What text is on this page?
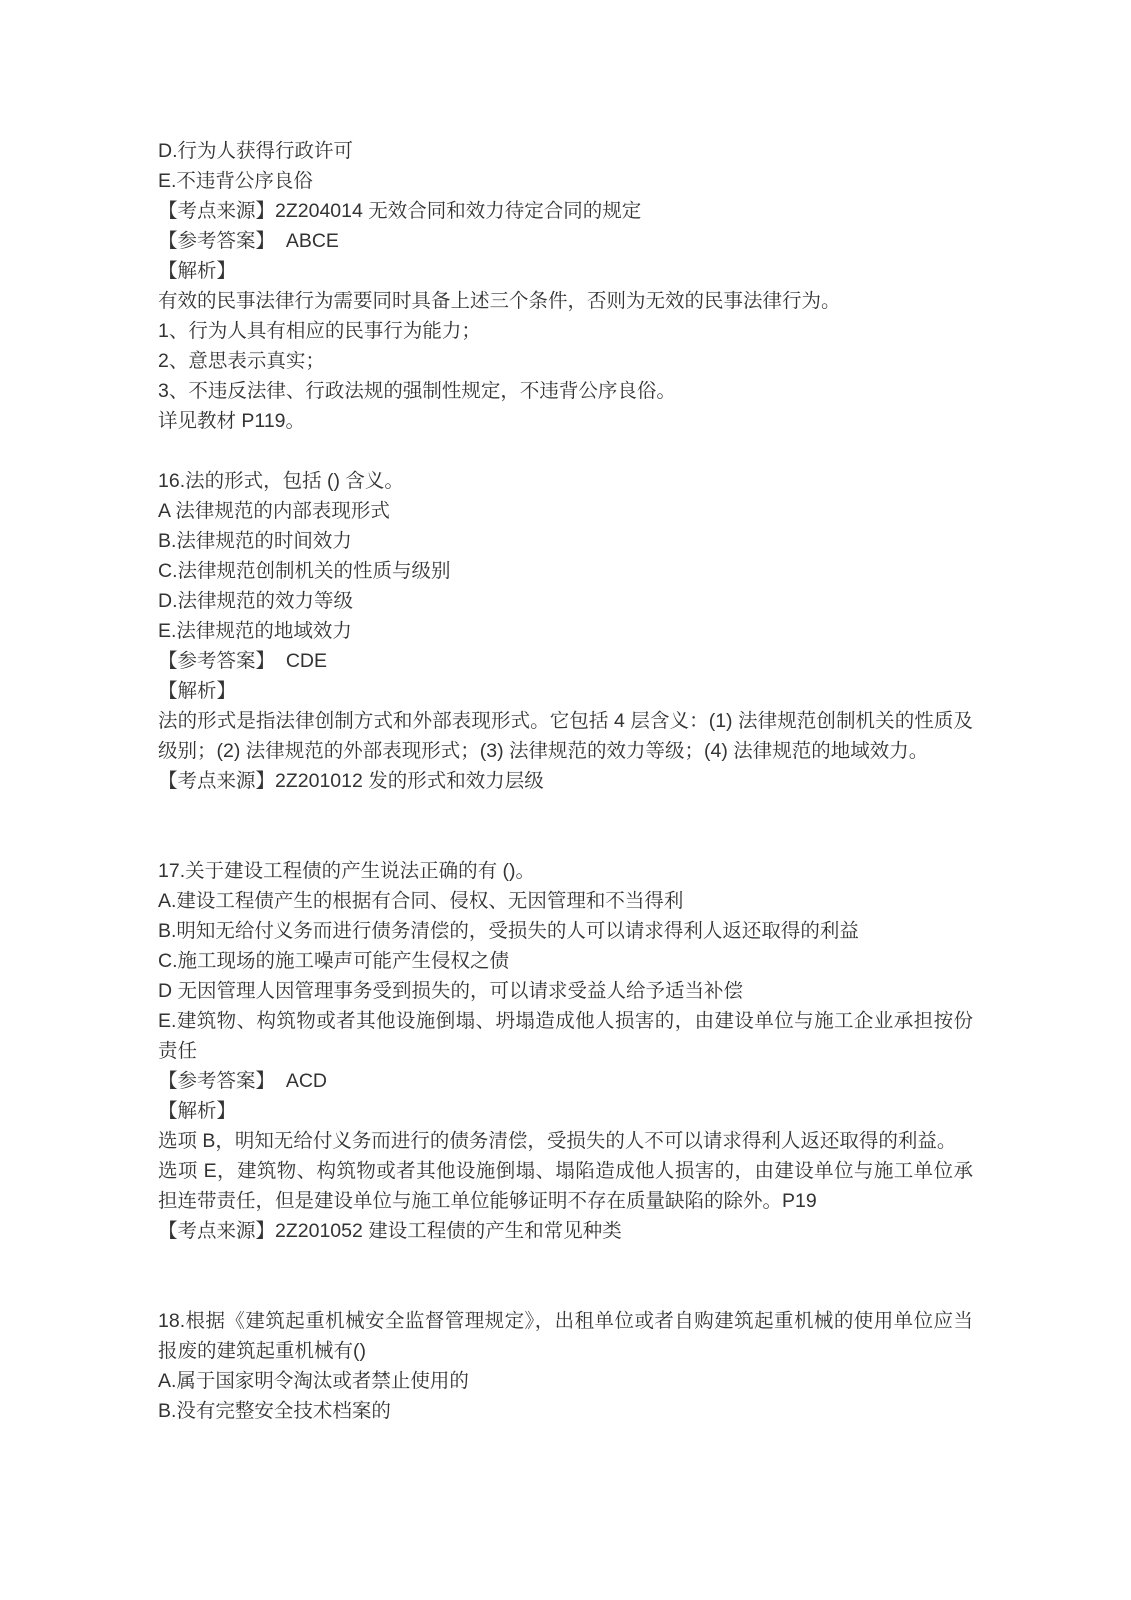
D.行为人获得行政许可

E.不违背公序良俗

【考点来源】2Z204014 无效合同和效力待定合同的规定

【参考答案】  ABCE

【解析】

有效的民事法律行为需要同时具备上述三个条件，否则为无效的民事法律行为。

1、行为人具有相应的民事行为能力；

2、意思表示真实；

3、不违反法律、行政法规的强制性规定，不违背公序良俗。

详见教材 P119。

16.法的形式，包括 () 含义。

A 法律规范的内部表现形式

B.法律规范的时间效力

C.法律规范创制机关的性质与级别

D.法律规范的效力等级

E.法律规范的地域效力

【参考答案】  CDE

【解析】

法的形式是指法律创制方式和外部表现形式。它包括 4 层含义：(1) 法律规范创制机关的性质及级别；(2) 法律规范的外部表现形式；(3) 法律规范的效力等级；(4) 法律规范的地域效力。

【考点来源】2Z201012 发的形式和效力层级

17.关于建设工程债的产生说法正确的有 ()。

A.建设工程债产生的根据有合同、侵权、无因管理和不当得利

B.明知无给付义务而进行债务清偿的，受损失的人可以请求得利人返还取得的利益

C.施工现场的施工噪声可能产生侵权之债

D 无因管理人因管理事务受到损失的，可以请求受益人给予适当补偿

E.建筑物、构筑物或者其他设施倒塌、坍塌造成他人损害的，由建设单位与施工企业承担按份责任

【参考答案】  ACD

【解析】

选项 B，明知无给付义务而进行的债务清偿，受损失的人不可以请求得利人返还取得的利益。

选项 E，建筑物、构筑物或者其他设施倒塌、塌陷造成他人损害的，由建设单位与施工单位承担连带责任，但是建设单位与施工单位能够证明不存在质量缺陷的除外。P19

【考点来源】2Z201052 建设工程债的产生和常见种类

18.根据《建筑起重机械安全监督管理规定》，出租单位或者自购建筑起重机械的使用单位应当报废的建筑起重机械有()

A.属于国家明令淘汰或者禁止使用的

B.没有完整安全技术档案的
